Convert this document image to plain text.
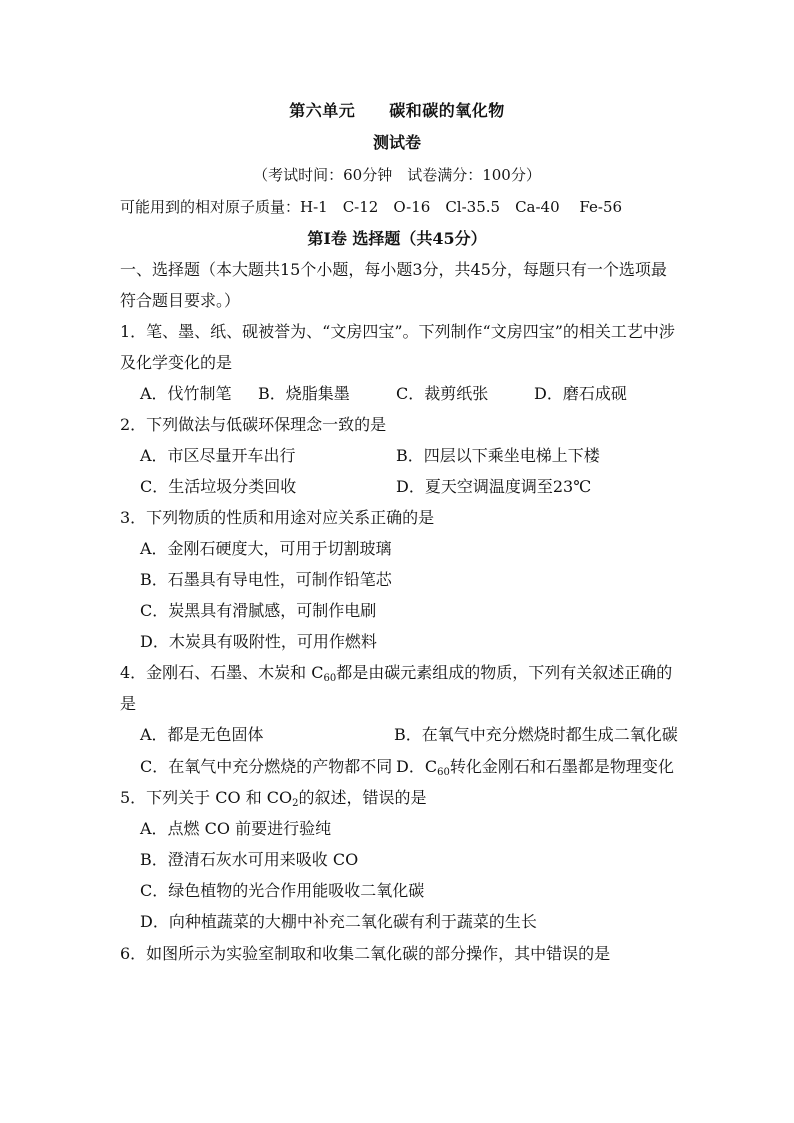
第六单元 碳和碳的氧化物
测试卷
（考试时间：60分钟　试卷满分：100分）
可能用到的相对原子质量：H-1　C-12　O-16　Cl-35.5　Ca-40　 Fe-56
第Ⅰ卷 选择题（共45分）
一、选择题（本大题共15个小题，每小题3分，共45分，每题只有一个选项最
符合题目要求。）
1．笔、墨、纸、砚被誉为、“文房四宝”。下列制作“文房四宝”的相关工艺中涉
及化学变化的是
A．伐竹制笔 B．烧脂集墨	C．裁剪纸张	D．磨石成砚
2．下列做法与低碳环保理念一致的是
A．市区尽量开车出行	B．四层以下乘坐电梯上下楼
C．生活垃圾分类回收	D．夏天空调温度调至23℃
3．下列物质的性质和用途对应关系正确的是
A．金刚石硬度大，可用于切割玻璃
B．石墨具有导电性，可制作铅笔芯
C．炭黑具有滑腻感，可制作电刷
D．木炭具有吸附性，可用作燃料
4．金刚石、石墨、木炭和 $C_{60}$都是由碳元素组成的物质，下列有关叙述正确的
是
A．都是无色固体	B．在氧气中充分燃烧时都生成二氧化碳
C．在氧气中充分燃烧的产物都不同 D．$C_{60}$转化金刚石和石墨都是物理变化
5．下列关于 CO 和 $CO_2$的叙述，错误的是
A．点燃 CO 前要进行验纯
B．澄清石灰水可用来吸收 CO
C．绿色植物的光合作用能吸收二氧化碳
D．向种植蔬菜的大棚中补充二氧化碳有利于蔬菜的生长
6．如图所示为实验室制取和收集二氧化碳的部分操作，其中错误的是
